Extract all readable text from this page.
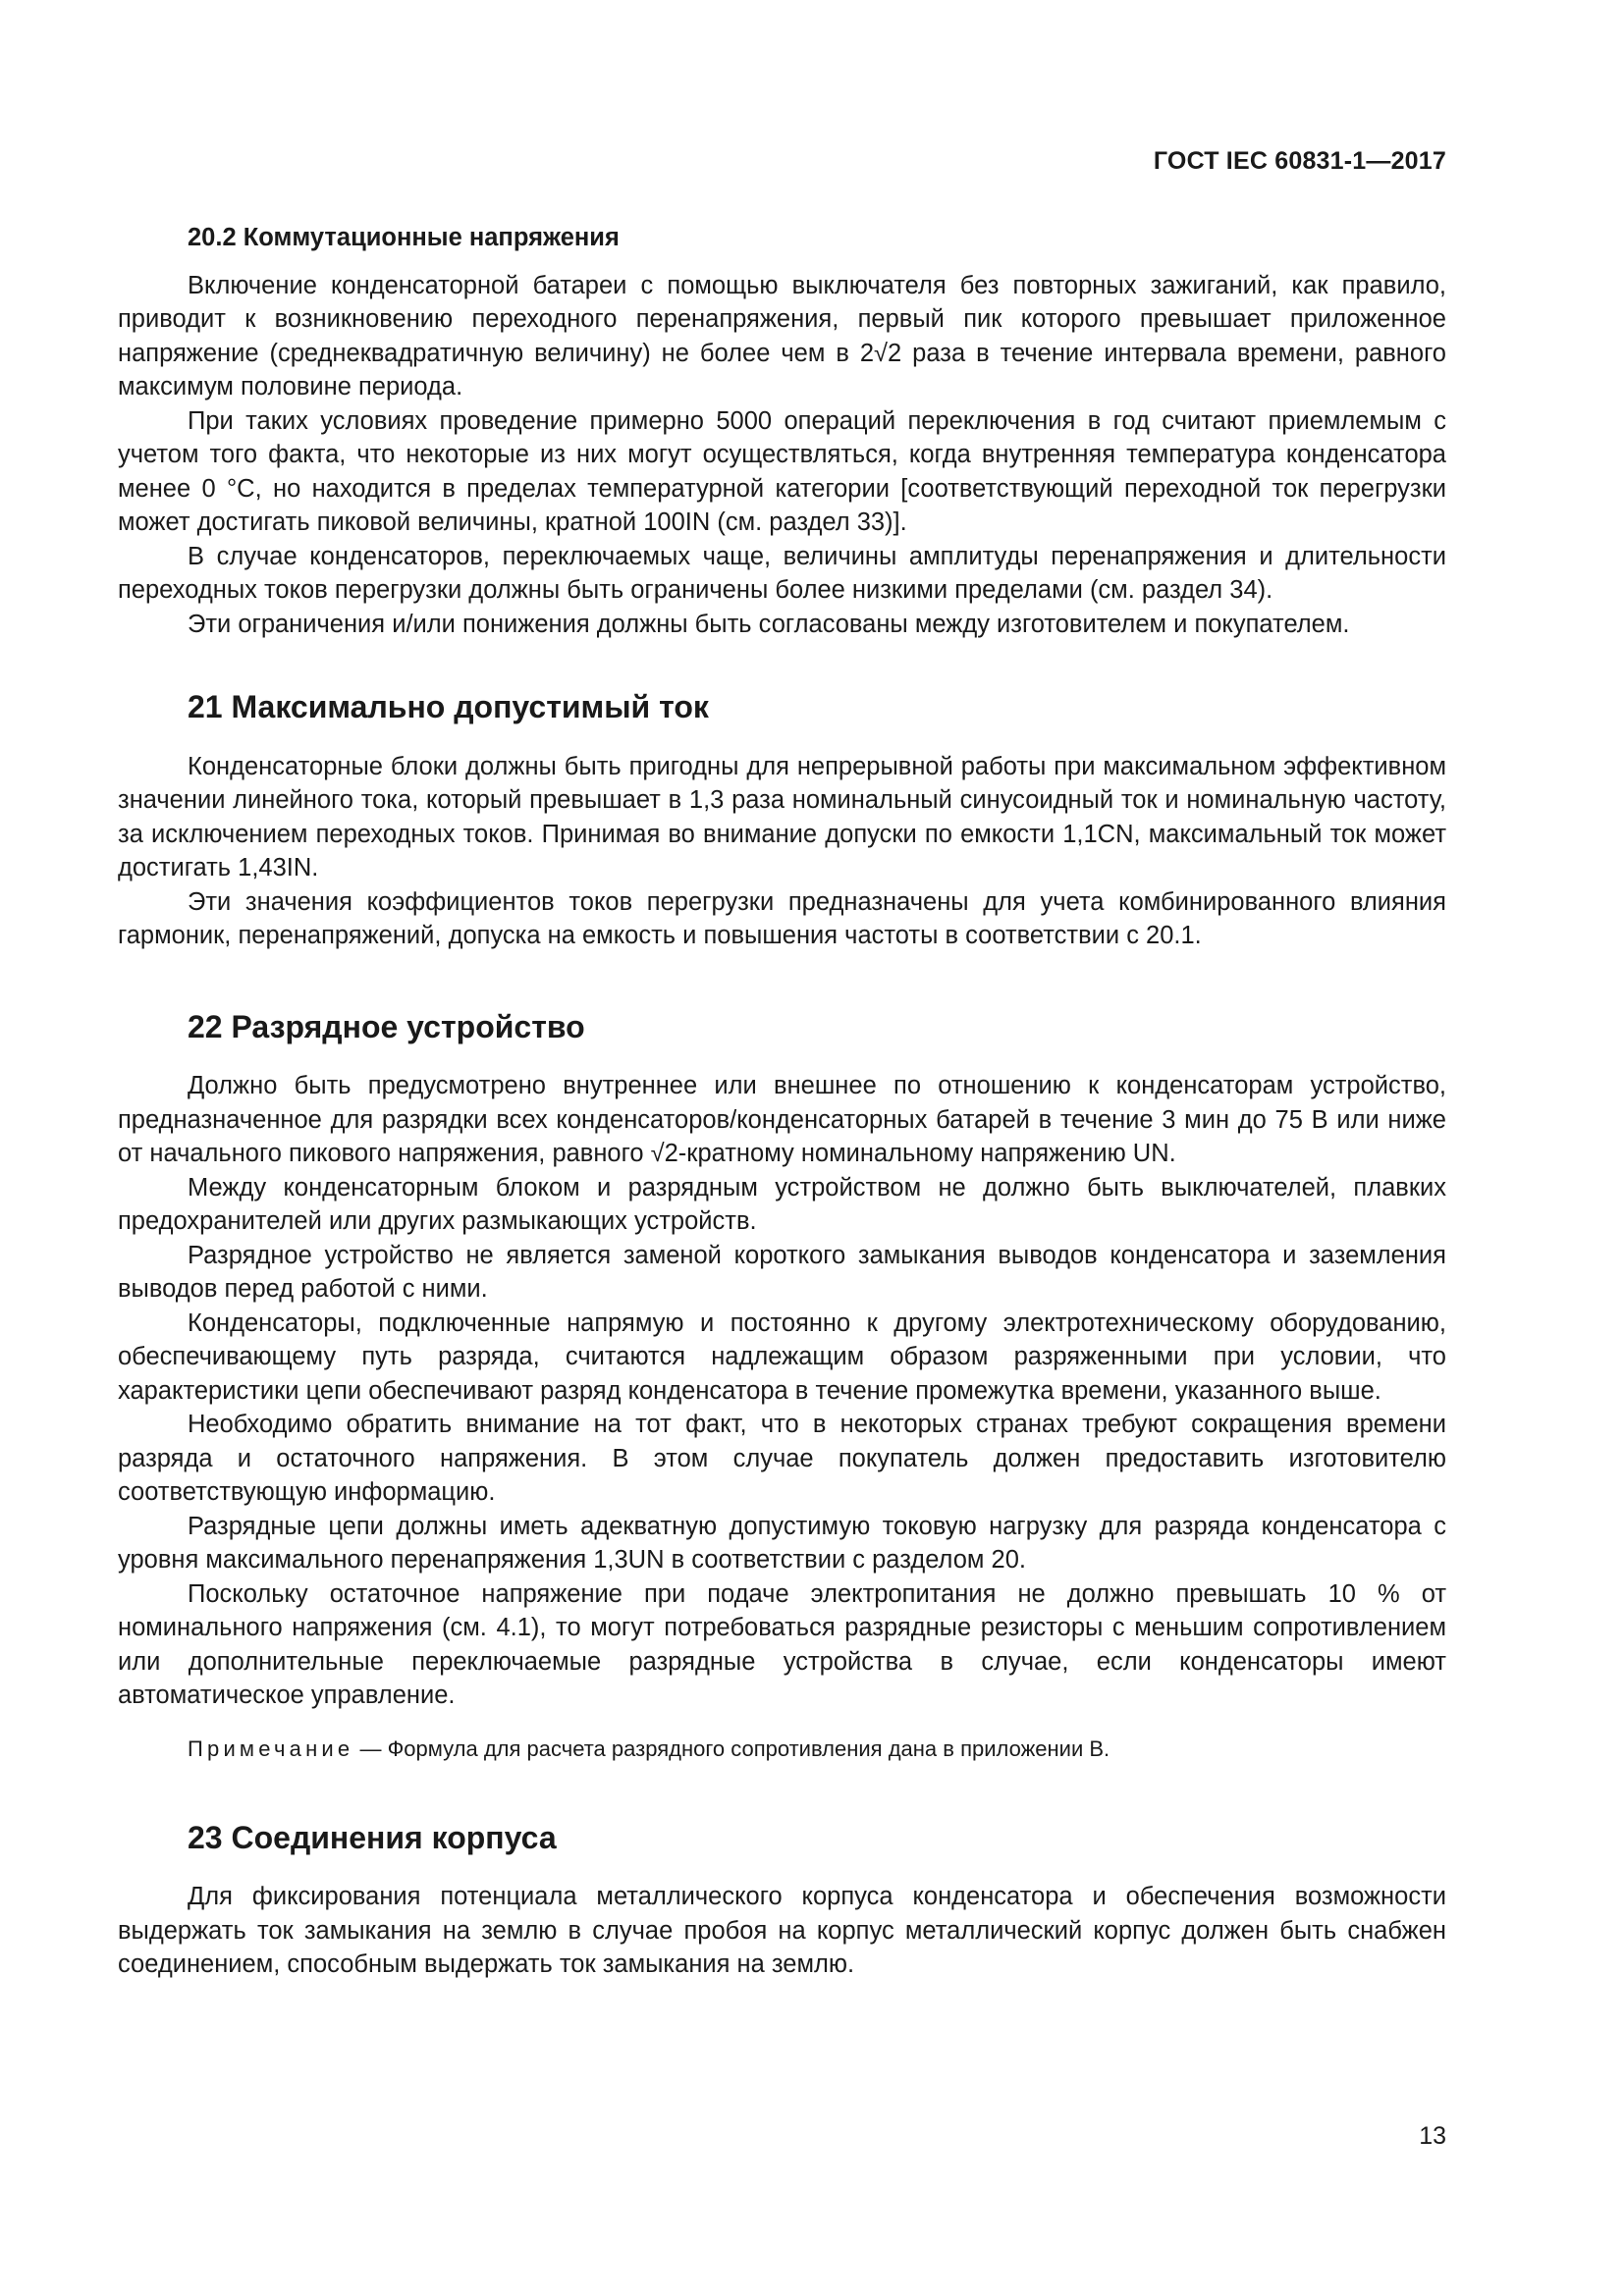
ГОСТ IEC 60831-1—2017
20.2 Коммутационные напряжения

Включение конденсаторной батареи с помощью выключателя без повторных зажиганий, как правило, приводит к возникновению переходного перенапряжения, первый пик которого превышает приложенное напряжение (среднеквадратичную величину) не более чем в 2√2 раза в течение интервала времени, равного максимум половине периода.

При таких условиях проведение примерно 5000 операций переключения в год считают приемлемым с учетом того факта, что некоторые из них могут осуществляться, когда внутренняя температура конденсатора менее 0 °C, но находится в пределах температурной категории [соответствующий переходной ток перегрузки может достигать пиковой величины, кратной 100IN (см. раздел 33)].

В случае конденсаторов, переключаемых чаще, величины амплитуды перенапряжения и длительности переходных токов перегрузки должны быть ограничены более низкими пределами (см. раздел 34).

Эти ограничения и/или понижения должны быть согласованы между изготовителем и покупателем.

21 Максимально допустимый ток

Конденсаторные блоки должны быть пригодны для непрерывной работы при максимальном эффективном значении линейного тока, который превышает в 1,3 раза номинальный синусоидный ток и номинальную частоту, за исключением переходных токов. Принимая во внимание допуски по емкости 1,1CN, максимальный ток может достигать 1,43IN.

Эти значения коэффициентов токов перегрузки предназначены для учета комбинированного влияния гармоник, перенапряжений, допуска на емкость и повышения частоты в соответствии с 20.1.

22 Разрядное устройство

Должно быть предусмотрено внутреннее или внешнее по отношению к конденсаторам устройство, предназначенное для разрядки всех конденсаторов/конденсаторных батарей в течение 3 мин до 75 В или ниже от начального пикового напряжения, равного √2-кратному номинальному напряжению UN.

Между конденсаторным блоком и разрядным устройством не должно быть выключателей, плавких предохранителей или других размыкающих устройств.

Разрядное устройство не является заменой короткого замыкания выводов конденсатора и заземления выводов перед работой с ними.

Конденсаторы, подключенные напрямую и постоянно к другому электротехническому оборудованию, обеспечивающему путь разряда, считаются надлежащим образом разряженными при условии, что характеристики цепи обеспечивают разряд конденсатора в течение промежутка времени, указанного выше.

Необходимо обратить внимание на тот факт, что в некоторых странах требуют сокращения времени разряда и остаточного напряжения. В этом случае покупатель должен предоставить изготовителю соответствующую информацию.

Разрядные цепи должны иметь адекватную допустимую токовую нагрузку для разряда конденсатора с уровня максимального перенапряжения 1,3UN в соответствии с разделом 20.

Поскольку остаточное напряжение при подаче электропитания не должно превышать 10 % от номинального напряжения (см. 4.1), то могут потребоваться разрядные резисторы с меньшим сопротивлением или дополнительные переключаемые разрядные устройства в случае, если конденсаторы имеют автоматическое управление.

Примечание — Формула для расчета разрядного сопротивления дана в приложении B.
23 Соединения корпуса

Для фиксирования потенциала металлического корпуса конденсатора и обеспечения возможности выдержать ток замыкания на землю в случае пробоя на корпус металлический корпус должен быть снабжен соединением, способным выдержать ток замыкания на землю.

13
